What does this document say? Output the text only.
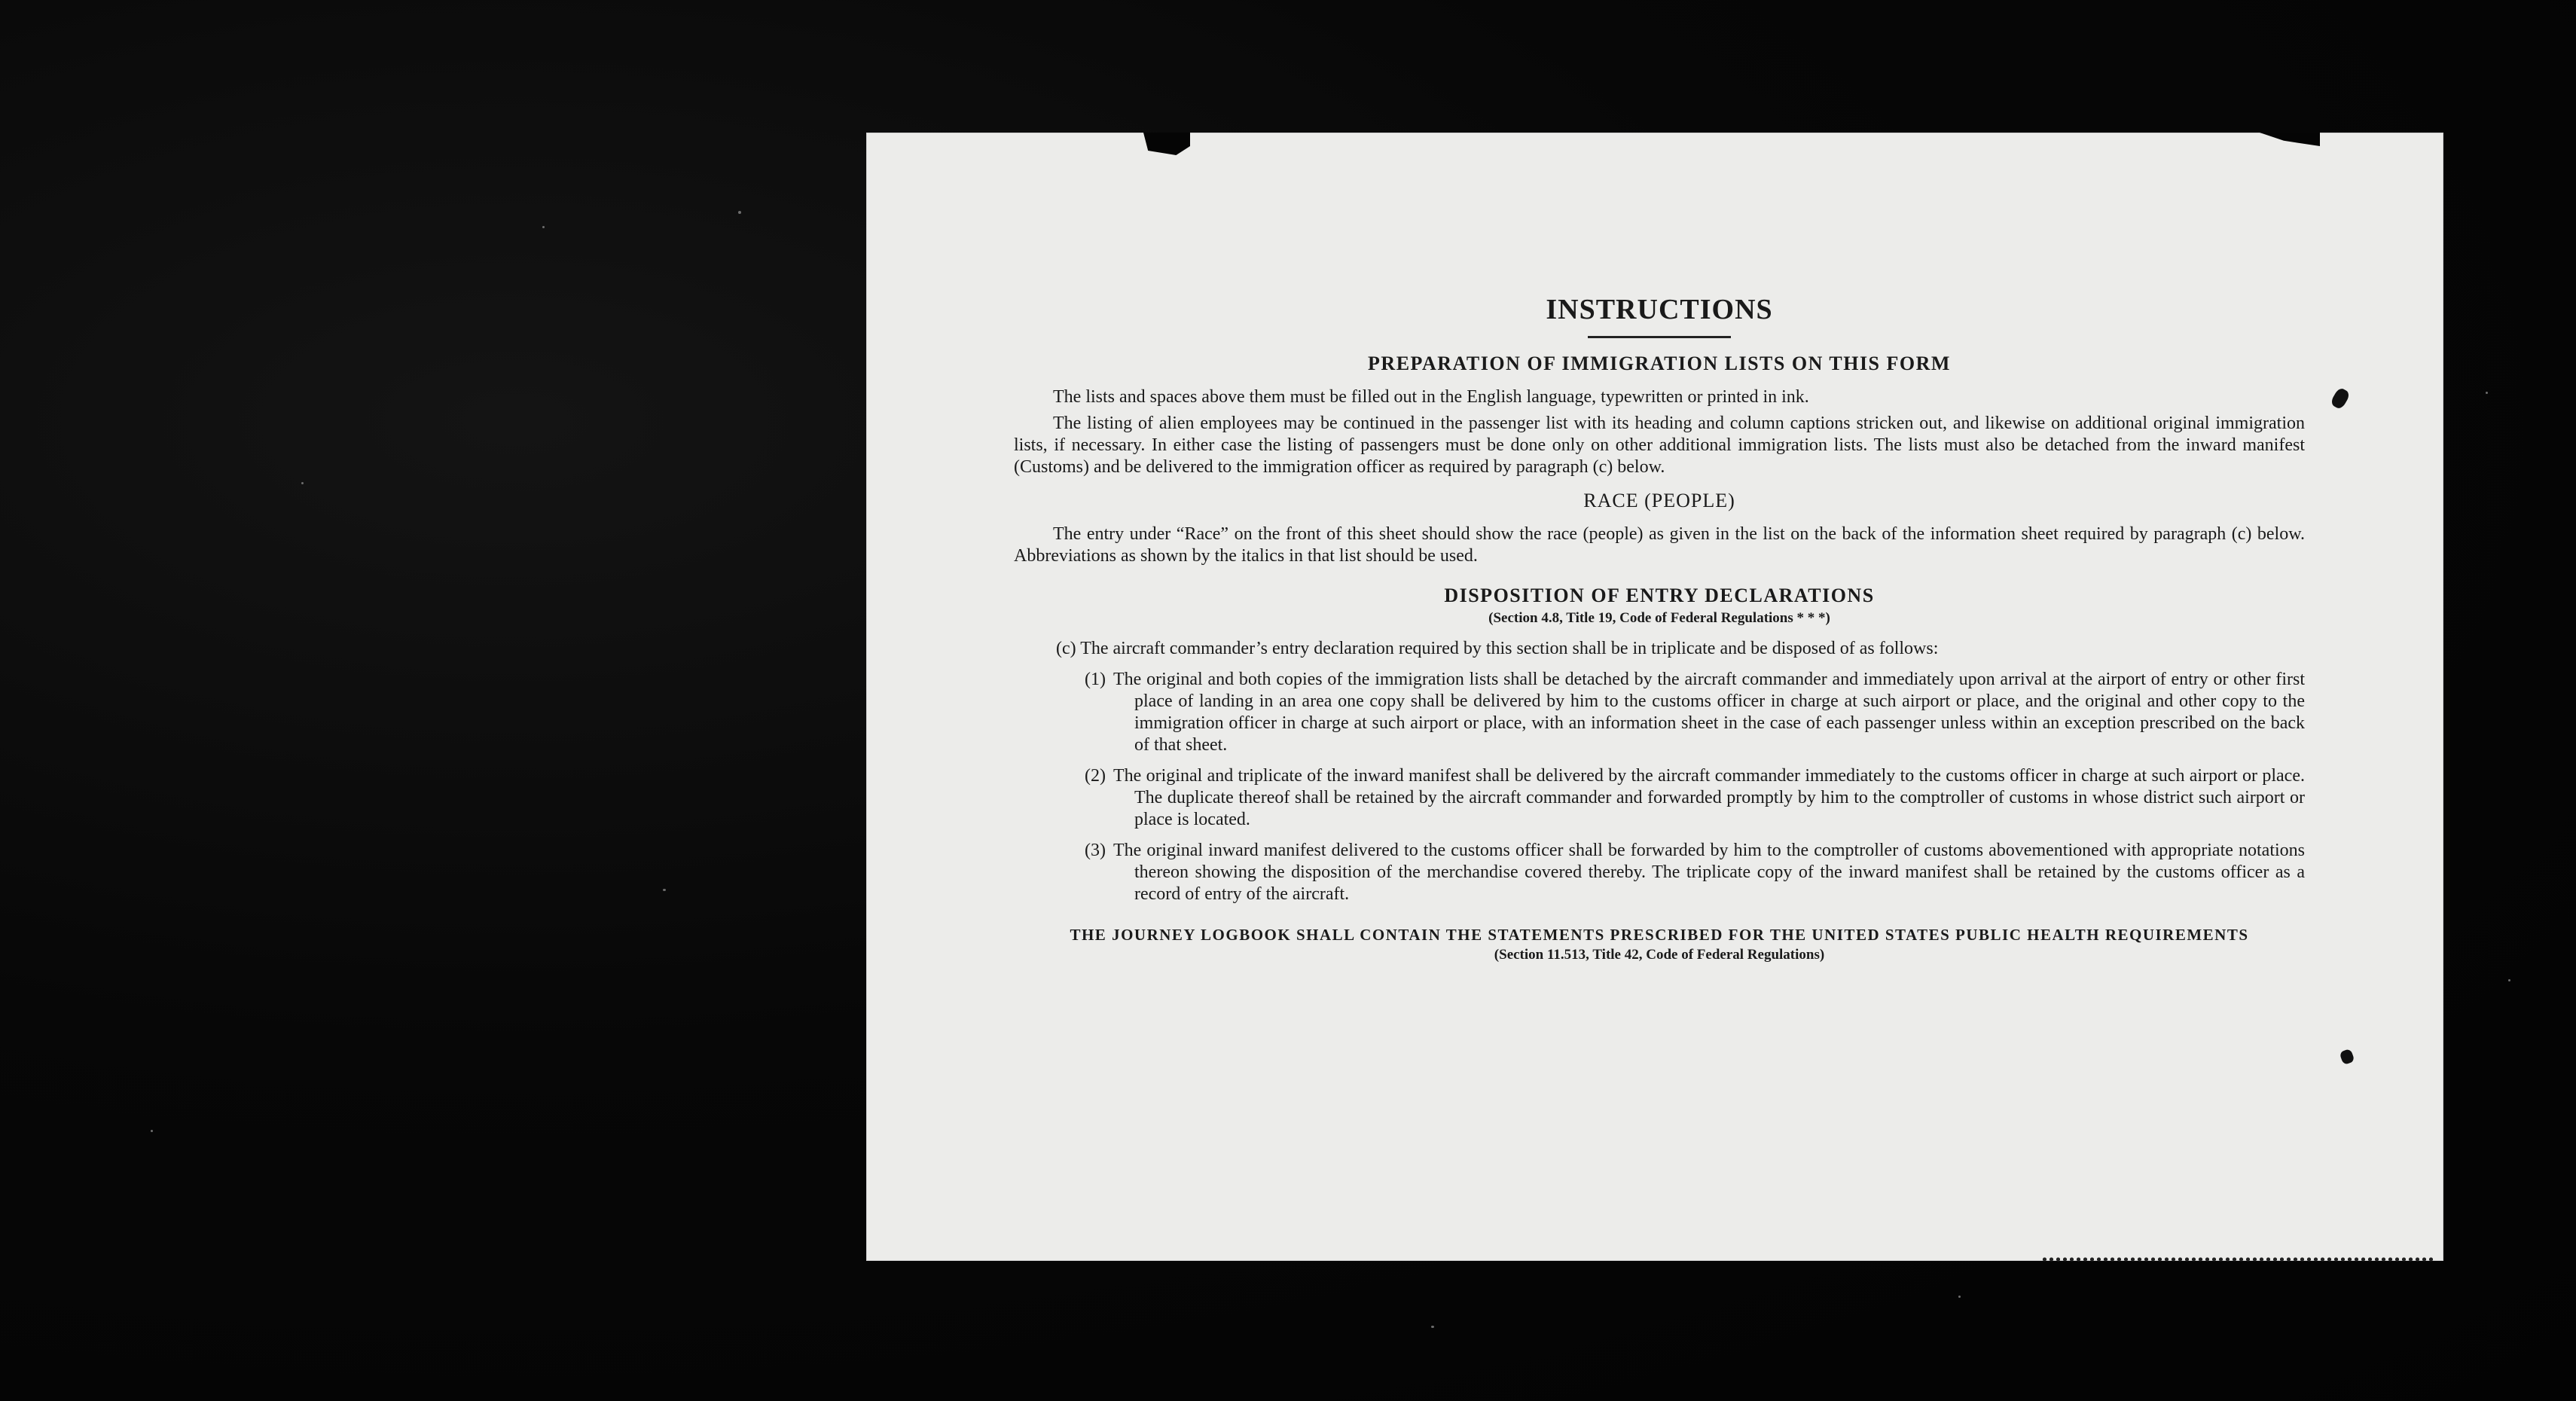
INSTRUCTIONS
PREPARATION OF IMMIGRATION LISTS ON THIS FORM

The lists and spaces above them must be filled out in the English language, typewritten or printed in ink.

The listing of alien employees may be continued in the passenger list with its heading and column captions stricken out, and likewise on additional original immigration lists, if necessary. In either case the listing of passengers must be done only on other additional immigration lists. The lists must also be detached from the inward manifest (Customs) and be delivered to the immigration officer as required by paragraph (c) below.

RACE (PEOPLE)

The entry under “Race” on the front of this sheet should show the race (people) as given in the list on the back of the information sheet required by paragraph (c) below. Abbreviations as shown by the italics in that list should be used.

DISPOSITION OF ENTRY DECLARATIONS

(Section 4.8, Title 19, Code of Federal Regulations * * *)

(c) The aircraft commander’s entry declaration required by this section shall be in triplicate and be disposed of as follows:

(1) The original and both copies of the immigration lists shall be detached by the aircraft commander and immediately upon arrival at the airport of entry or other first place of landing in an area one copy shall be delivered by him to the customs officer in charge at such airport or place, and the original and other copy to the immigration officer in charge at such airport or place, with an information sheet in the case of each passenger unless within an exception prescribed on the back of that sheet.
(2) The original and triplicate of the inward manifest shall be delivered by the aircraft commander immediately to the customs officer in charge at such airport or place. The duplicate thereof shall be retained by the aircraft commander and forwarded promptly by him to the comptroller of customs in whose district such airport or place is located.
(3) The original inward manifest delivered to the customs officer shall be forwarded by him to the comptroller of customs abovementioned with appropriate notations thereon showing the disposition of the merchandise covered thereby. The triplicate copy of the inward manifest shall be retained by the customs officer as a record of entry of the aircraft.

THE JOURNEY LOGBOOK SHALL CONTAIN THE STATEMENTS PRESCRIBED FOR THE UNITED STATES PUBLIC HEALTH REQUIREMENTS

(Section 11.513, Title 42, Code of Federal Regulations)
